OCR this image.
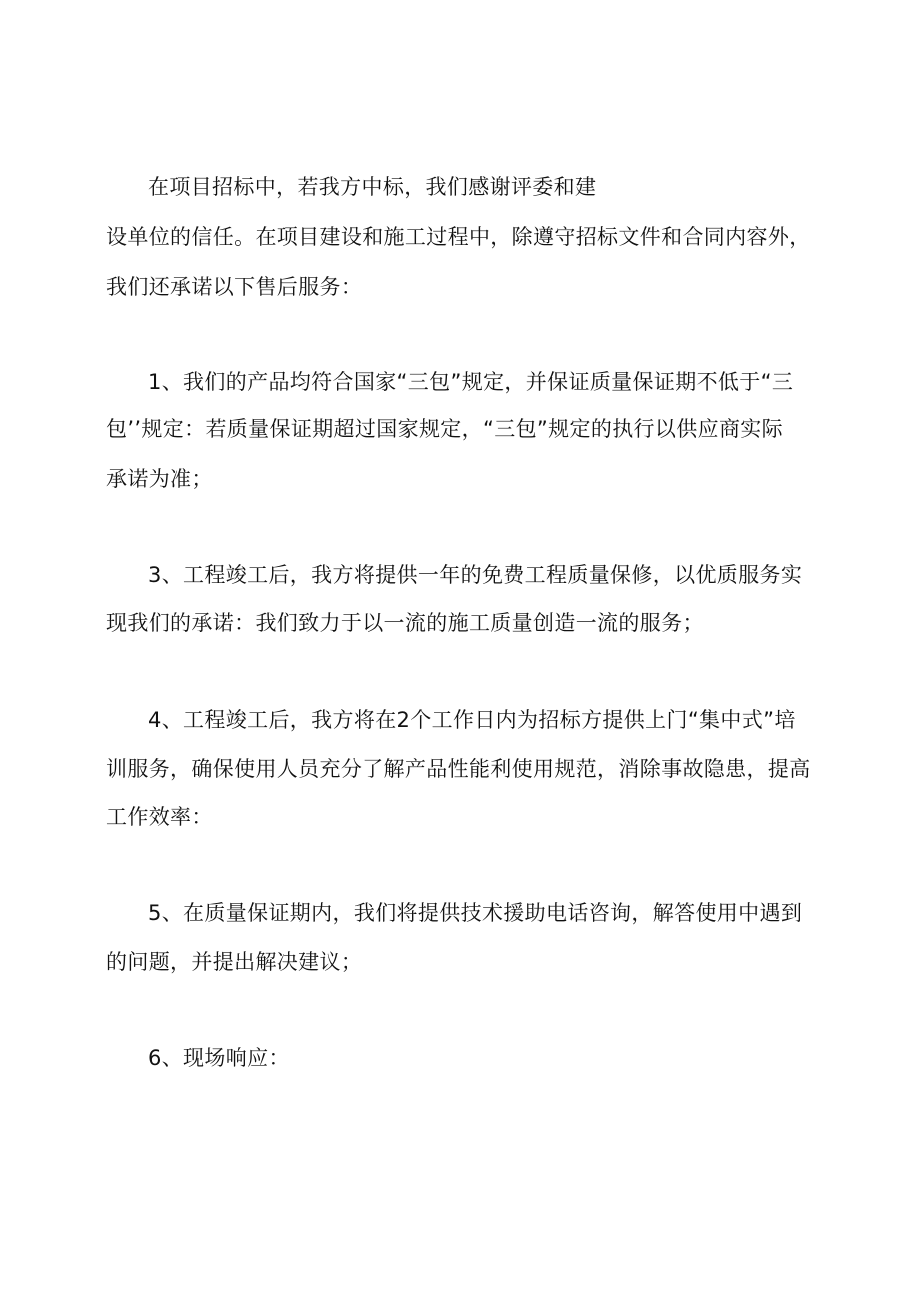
在项目招标中，若我方中标，我们感谢评委和建
设单位的信任。在项目建设和施工过程中，除遵守招标文件和合同内容外，
我们还承诺以下售后服务：
1、我们的产品均符合国家“三包”规定，并保证质量保证期不低于“三
包’’规定：若质量保证期超过国家规定，“三包”规定的执行以供应商实际
承诺为准；
3、工程竣工后，我方将提供一年的免费工程质量保修，以优质服务实
现我们的承诺：我们致力于以一流的施工质量创造一流的服务；
4、工程竣工后，我方将在2个工作日内为招标方提供上门“集中式”培
训服务，确保使用人员充分了解产品性能利使用规范，消除事故隐患，提高
工作效率：
5、在质量保证期内，我们将提供技术援助电话咨询，解答使用中遇到
的问题，并提出解决建议；
6、现场响应：
